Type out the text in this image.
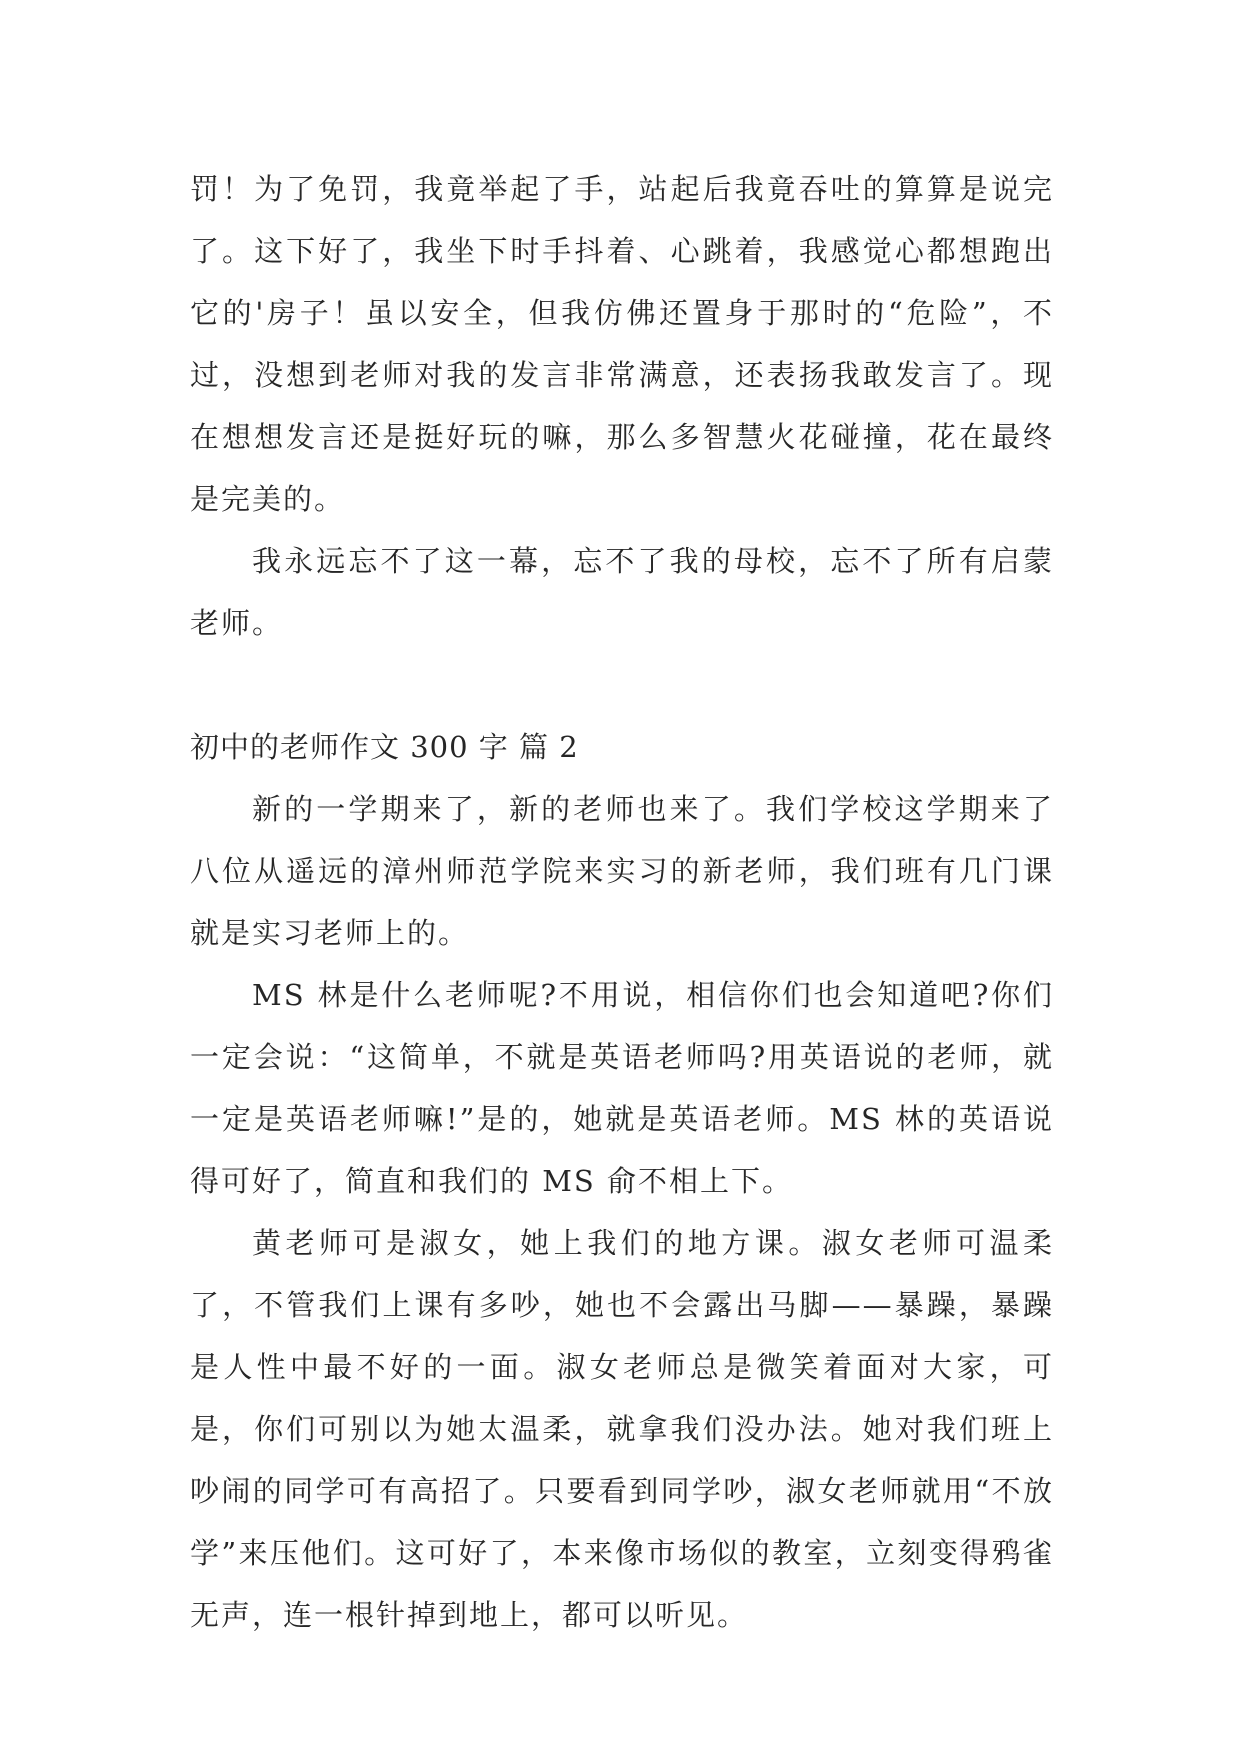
罚！为了免罚，我竟举起了手，站起后我竟吞吐的算算是说完了。这下好了，我坐下时手抖着、心跳着，我感觉心都想跑出它的'房子！虽以安全，但我仿佛还置身于那时的“危险”，不过，没想到老师对我的发言非常满意，还表扬我敢发言了。现在想想发言还是挺好玩的嘛，那么多智慧火花碰撞，花在最终是完美的。

我永远忘不了这一幕，忘不了我的母校，忘不了所有启蒙老师。

初中的老师作文 300 字 篇 2

新的一学期来了，新的老师也来了。我们学校这学期来了八位从遥远的漳州师范学院来实习的新老师，我们班有几门课就是实习老师上的。

MS 林是什么老师呢?不用说，相信你们也会知道吧?你们一定会说：“这简单，不就是英语老师吗?用英语说的老师，就一定是英语老师嘛!”是的，她就是英语老师。MS 林的英语说得可好了，简直和我们的 MS 俞不相上下。

黄老师可是淑女，她上我们的地方课。淑女老师可温柔了，不管我们上课有多吵，她也不会露出马脚——暴躁，暴躁是人性中最不好的一面。淑女老师总是微笑着面对大家，可是，你们可别以为她太温柔，就拿我们没办法。她对我们班上吵闹的同学可有高招了。只要看到同学吵，淑女老师就用“不放学”来压他们。这可好了，本来像市场似的教室，立刻变得鸦雀无声，连一根针掉到地上，都可以听见。
